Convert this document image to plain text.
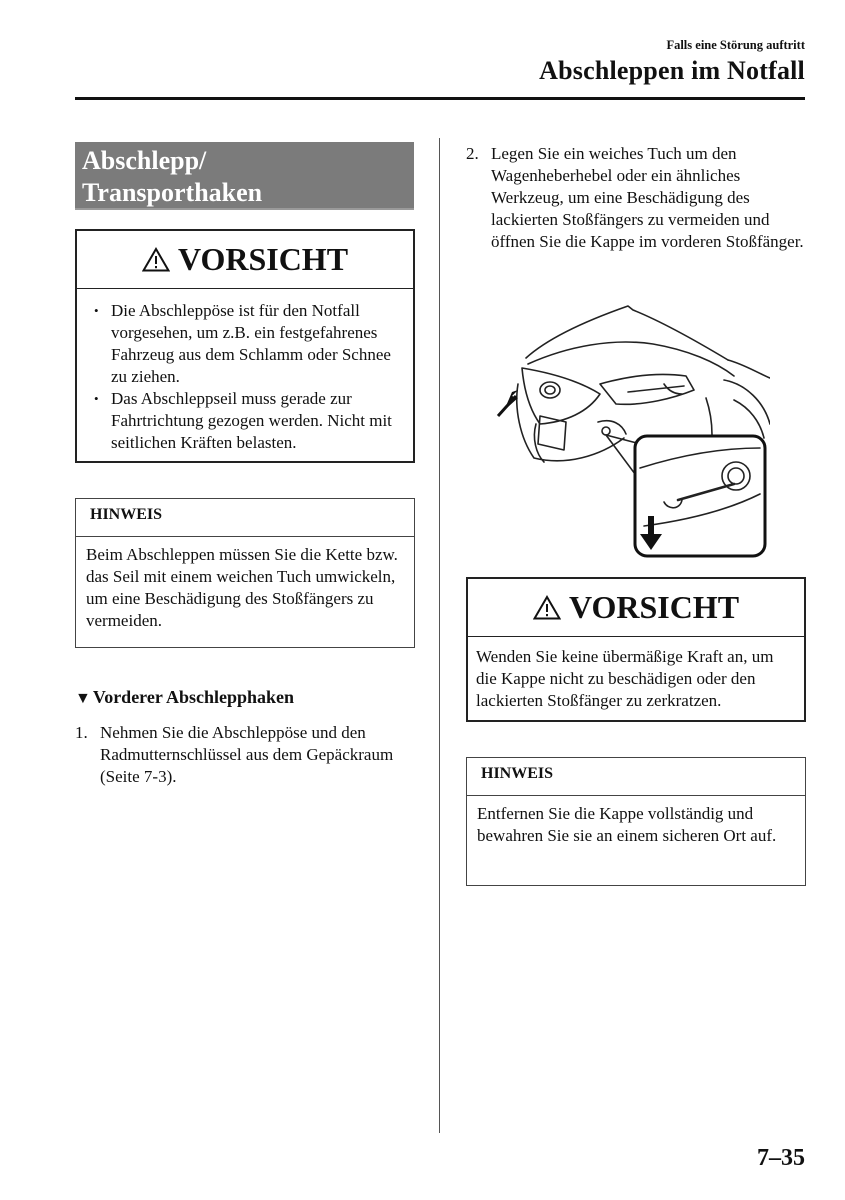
Falls eine Störung auftritt
Abschleppen im Notfall
Abschlepp/
Transporthaken
VORSICHT
• Die Abschleppöse ist für den Notfall vorgesehen, um z.B. ein festgefahrenes Fahrzeug aus dem Schlamm oder Schnee zu ziehen.
• Das Abschleppseil muss gerade zur Fahrtrichtung gezogen werden. Nicht mit seitlichen Kräften belasten.
HINWEIS
Beim Abschleppen müssen Sie die Kette bzw. das Seil mit einem weichen Tuch umwickeln, um eine Beschädigung des Stoßfängers zu vermeiden.
▼ Vorderer Abschlepphaken
1. Nehmen Sie die Abschleppöse und den Radmutternschlüssel aus dem Gepäckraum (Seite 7-3).
2. Legen Sie ein weiches Tuch um den Wagenheberhebel oder ein ähnliches Werkzeug, um eine Beschädigung des lackierten Stoßfängers zu vermeiden und öffnen Sie die Kappe im vorderen Stoßfänger.
VORSICHT
Wenden Sie keine übermäßige Kraft an, um die Kappe nicht zu beschädigen oder den lackierten Stoßfänger zu zerkratzen.
HINWEIS
Entfernen Sie die Kappe vollständig und bewahren Sie sie an einem sicheren Ort auf.
7–35
